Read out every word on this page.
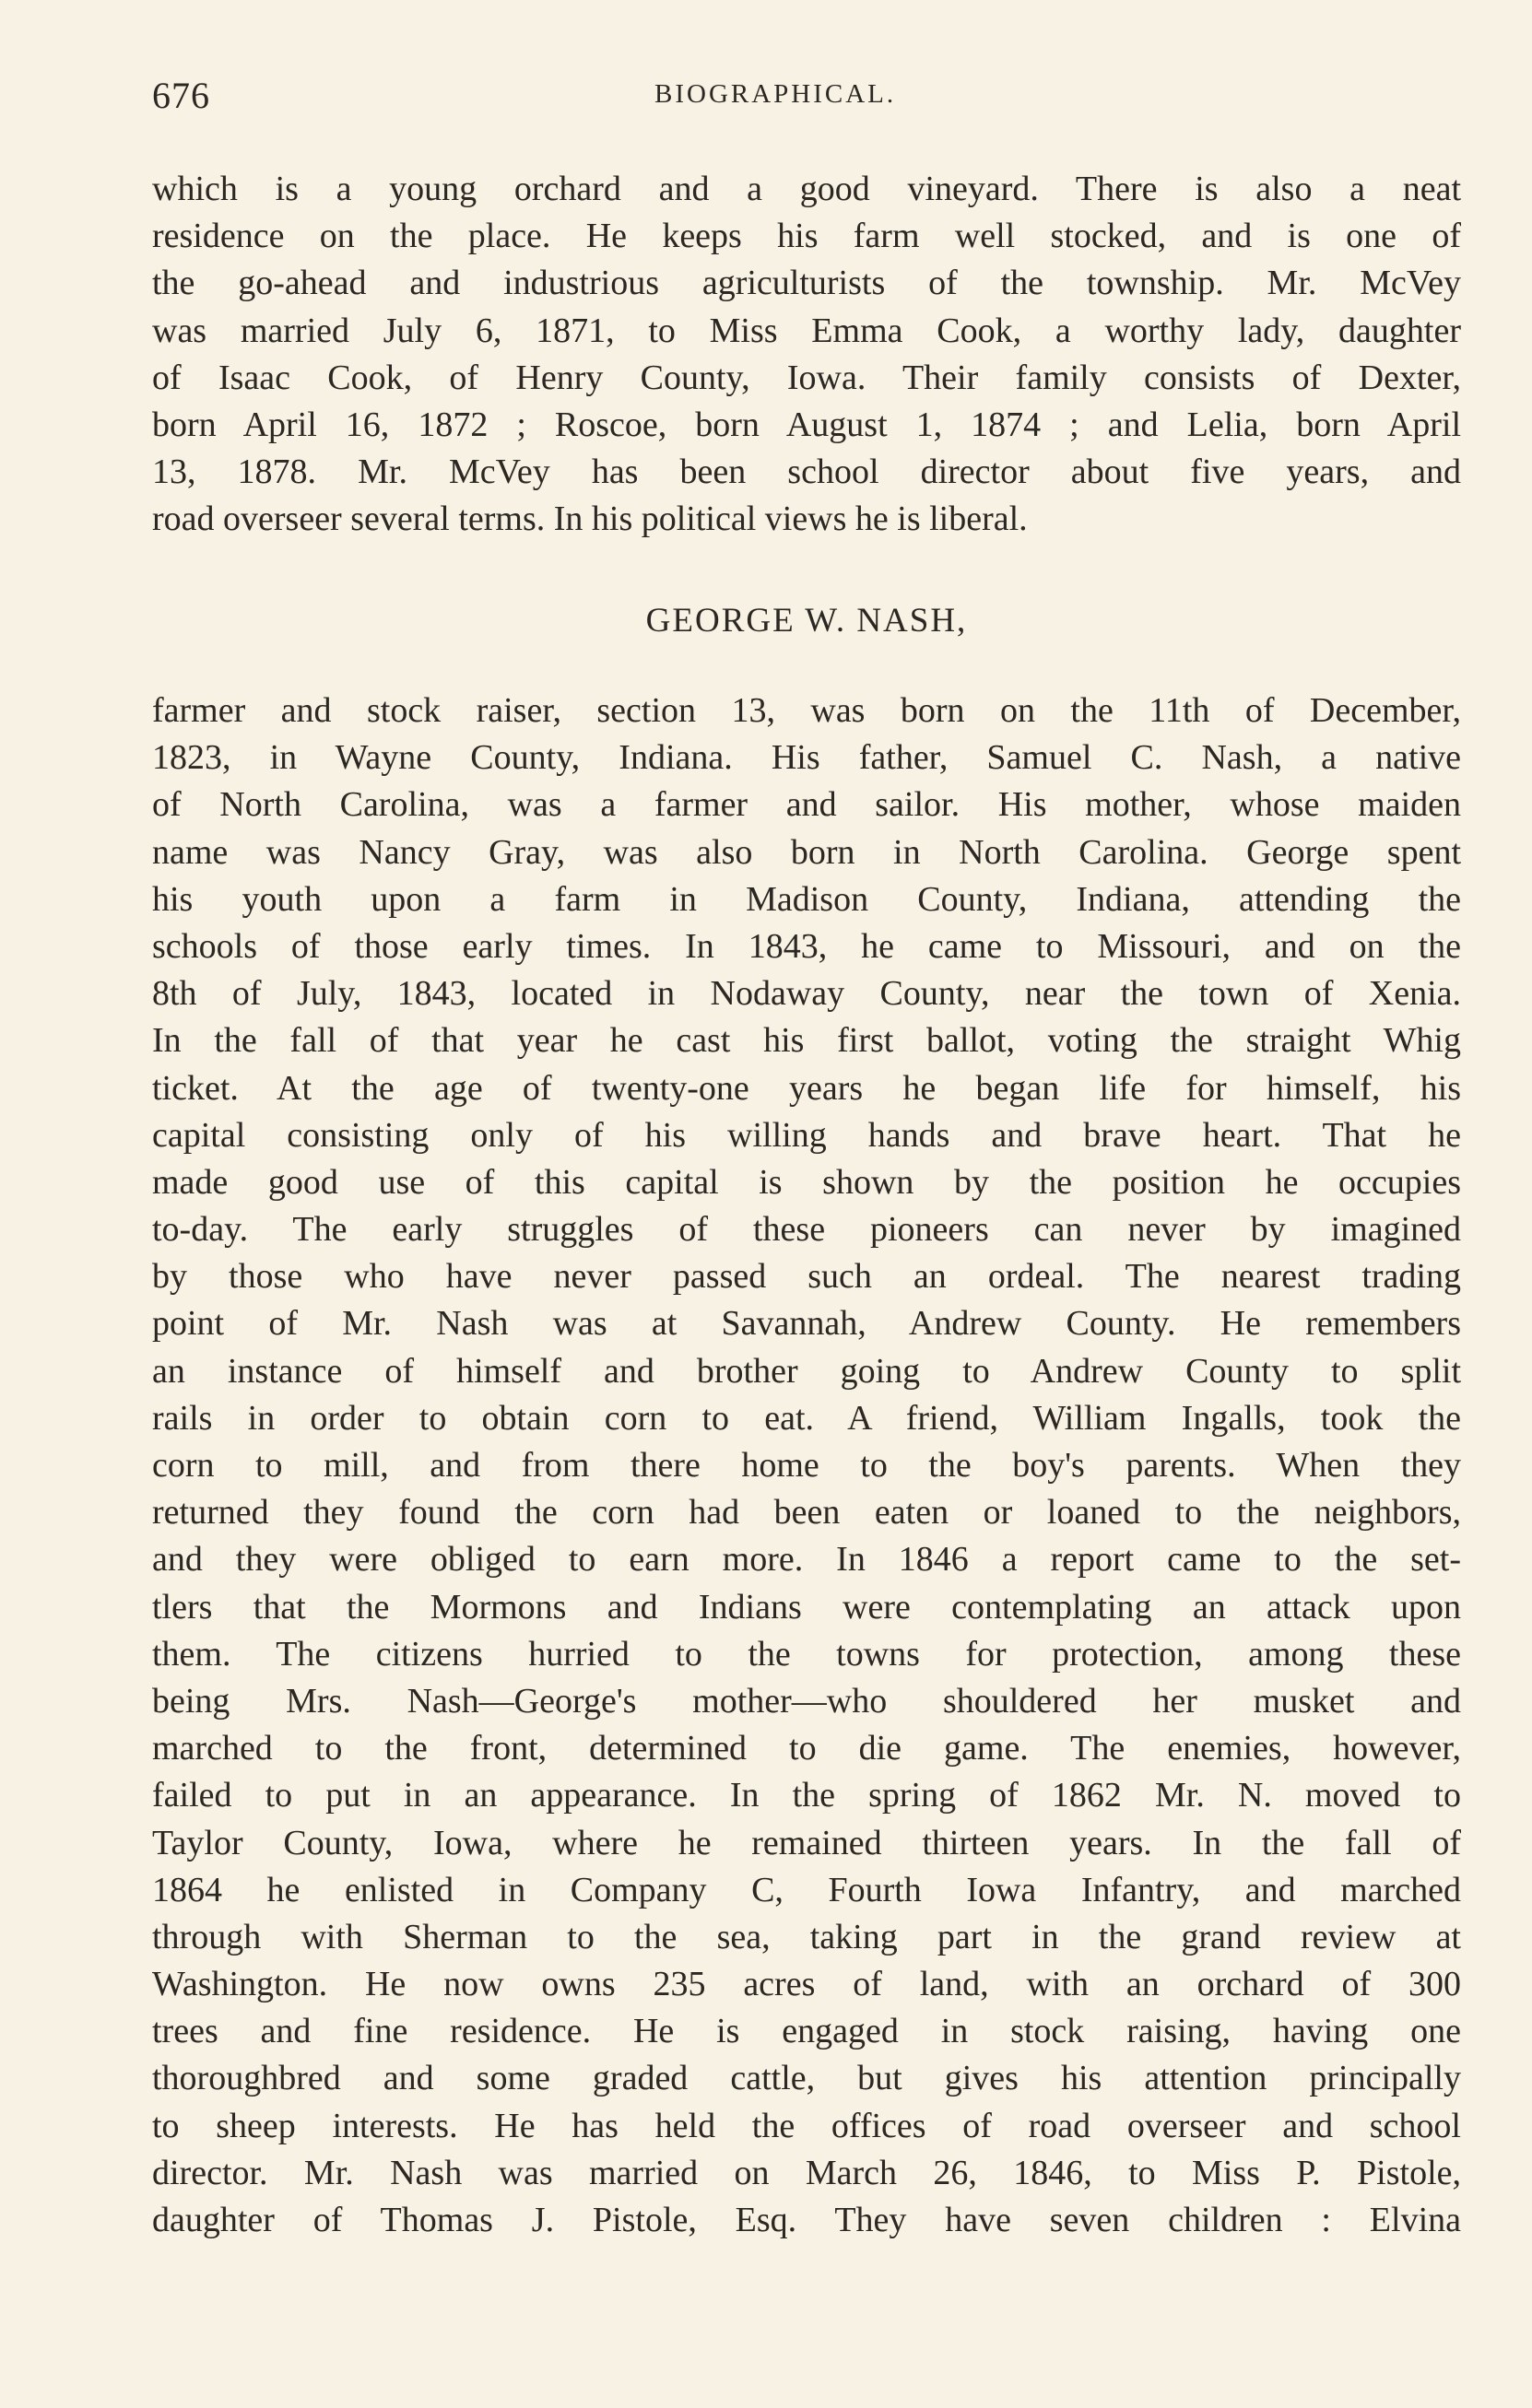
676	BIOGRAPHICAL.
which is a young orchard and a good vineyard. There is also a neat
residence on the place. He keeps his farm well stocked, and is one of
the go-ahead and industrious agriculturists of the township. Mr. McVey
was married July 6, 1871, to Miss Emma Cook, a worthy lady, daughter
of Isaac Cook, of Henry County, Iowa. Their family consists of Dexter,
born April 16, 1872 ; Roscoe, born August 1, 1874 ; and Lelia, born April
13, 1878. Mr. McVey has been school director about five years, and
road overseer several terms. In his political views he is liberal.
GEORGE W. NASH,
farmer and stock raiser, section 13, was born on the 11th of December,
1823, in Wayne County, Indiana. His father, Samuel C. Nash, a native
of North Carolina, was a farmer and sailor. His mother, whose maiden
name was Nancy Gray, was also born in North Carolina. George spent
his youth upon a farm in Madison County, Indiana, attending the
schools of those early times. In 1843, he came to Missouri, and on the
8th of July, 1843, located in Nodaway County, near the town of Xenia.
In the fall of that year he cast his first ballot, voting the straight Whig
ticket. At the age of twenty-one years he began life for himself, his
capital consisting only of his willing hands and brave heart. That he
made good use of this capital is shown by the position he occupies
to-day. The early struggles of these pioneers can never by imagined
by those who have never passed such an ordeal. The nearest trading
point of Mr. Nash was at Savannah, Andrew County. He remembers
an instance of himself and brother going to Andrew County to split
rails in order to obtain corn to eat. A friend, William Ingalls, took the
corn to mill, and from there home to the boy's parents. When they
returned they found the corn had been eaten or loaned to the neighbors,
and they were obliged to earn more. In 1846 a report came to the set-
tlers that the Mormons and Indians were contemplating an attack upon
them. The citizens hurried to the towns for protection, among these
being Mrs. Nash—George's mother—who shouldered her musket and
marched to the front, determined to die game. The enemies, however,
failed to put in an appearance. In the spring of 1862 Mr. N. moved to
Taylor County, Iowa, where he remained thirteen years. In the fall of
1864 he enlisted in Company C, Fourth Iowa Infantry, and marched
through with Sherman to the sea, taking part in the grand review at
Washington. He now owns 235 acres of land, with an orchard of 300
trees and fine residence. He is engaged in stock raising, having one
thoroughbred and some graded cattle, but gives his attention principally
to sheep interests. He has held the offices of road overseer and school
director. Mr. Nash was married on March 26, 1846, to Miss P. Pistole,
daughter of Thomas J. Pistole, Esq. They have seven children : Elvina
